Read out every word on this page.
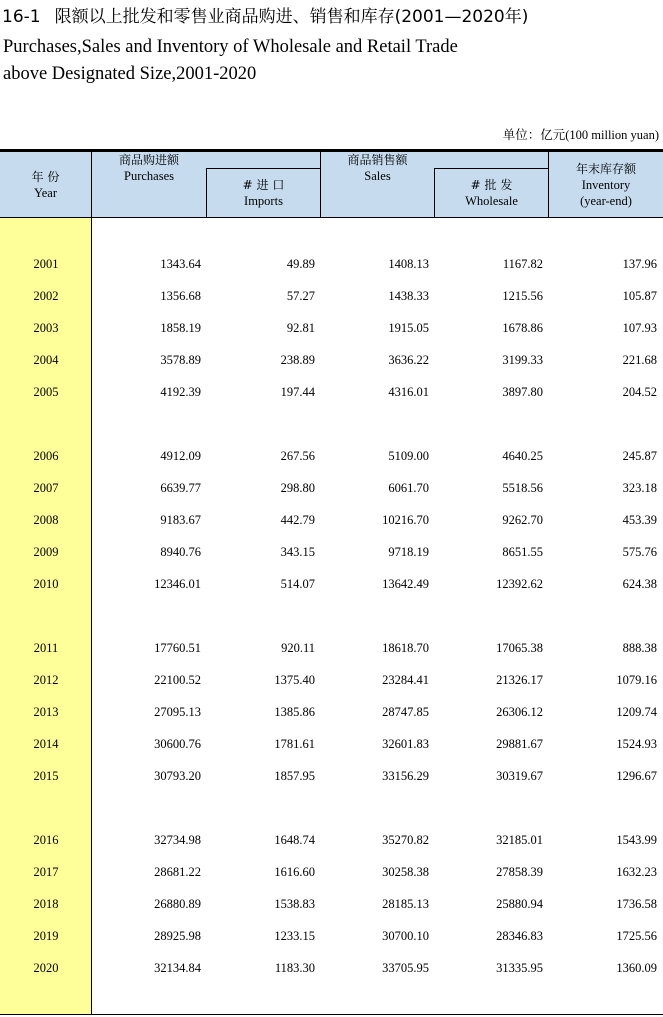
16-1 限额以上批发和零售业商品购进、销售和库存(2001—2020年)
Purchases,Sales and Inventory of Wholesale and Retail Trade
above Designated Size,2001-2020
单位：亿元(100 million yuan)
年 份
Year
商品购进额
Purchases
# 进 口
Imports
商品销售额
Sales
# 批 发
Wholesale
年末库存额
Inventory
(year-end)
2001	1343.64	49.89	1408.13	1167.82	137.96
2002	1356.68	57.27	1438.33	1215.56	105.87
2003	1858.19	92.81	1915.05	1678.86	107.93
2004	3578.89	238.89	3636.22	3199.33	221.68
2005	4192.39	197.44	4316.01	3897.80	204.52
2006	4912.09	267.56	5109.00	4640.25	245.87
2007	6639.77	298.80	6061.70	5518.56	323.18
2008	9183.67	442.79	10216.70	9262.70	453.39
2009	8940.76	343.15	9718.19	8651.55	575.76
2010	12346.01	514.07	13642.49	12392.62	624.38
2011	17760.51	920.11	18618.70	17065.38	888.38
2012	22100.52	1375.40	23284.41	21326.17	1079.16
2013	27095.13	1385.86	28747.85	26306.12	1209.74
2014	30600.76	1781.61	32601.83	29881.67	1524.93
2015	30793.20	1857.95	33156.29	30319.67	1296.67
2016	32734.98	1648.74	35270.82	32185.01	1543.99
2017	28681.22	1616.60	30258.38	27858.39	1632.23
2018	26880.89	1538.83	28185.13	25880.94	1736.58
2019	28925.98	1233.15	30700.10	28346.83	1725.56
2020	32134.84	1183.30	33705.95	31335.95	1360.09
